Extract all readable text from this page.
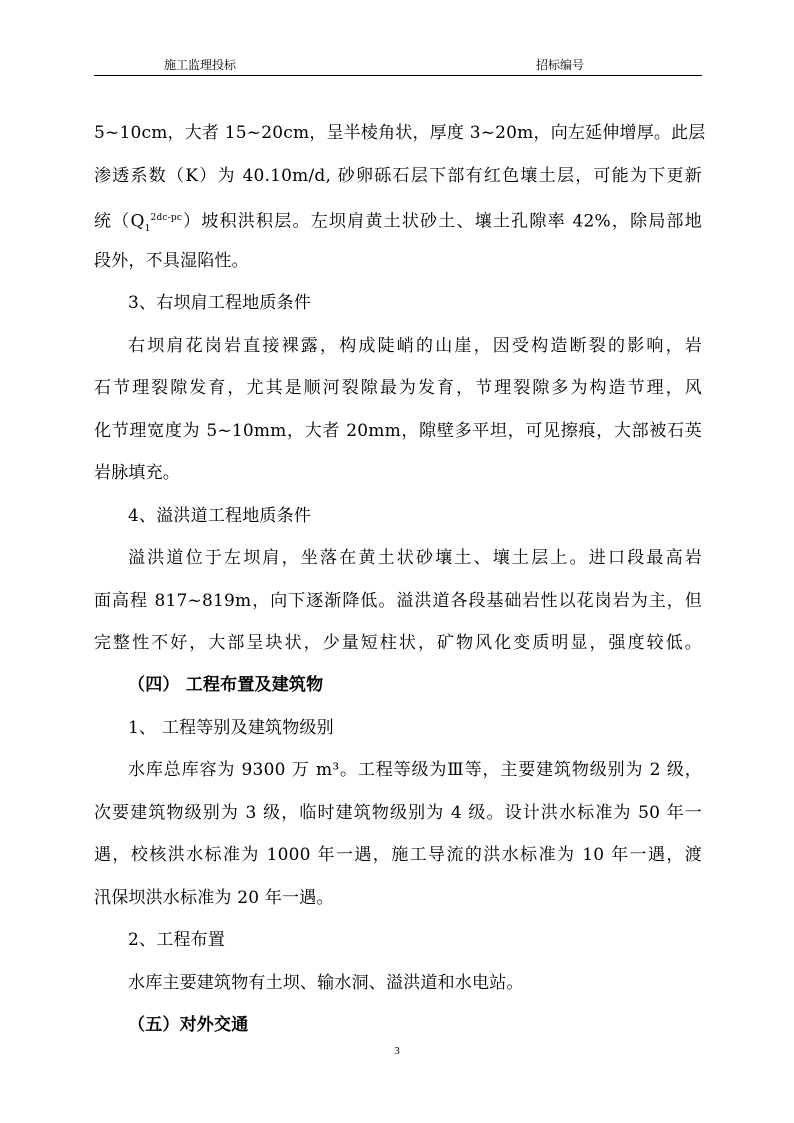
施工监理投标	招标编号
5~10cm，大者 15~20cm，呈半棱角状，厚度 3~20m，向左延伸增厚。此层
渗透系数（K）为 40.10m/d, 砂卵砾石层下部有红色壤土层，可能为下更新
统$(Q_1^{2dc-pc})$坡积洪积层。左坝肩黄土状砂土、壤土孔隙率 42%，除局部地
段外，不具湿陷性。
3、右坝肩工程地质条件
右坝肩花岗岩直接裸露，构成陡峭的山崖，因受构造断裂的影响，岩
石节理裂隙发育，尤其是顺河裂隙最为发育，节理裂隙多为构造节理，风
化节理宽度为 5~10mm，大者 20mm，隙壁多平坦，可见擦痕，大部被石英
岩脉填充。
4、溢洪道工程地质条件
溢洪道位于左坝肩，坐落在黄土状砂壤土、壤土层上。进口段最高岩
面高程 817~819m，向下逐渐降低。溢洪道各段基础岩性以花岗岩为主，但
完整性不好，大部呈块状，少量短柱状，矿物风化变质明显，强度较低。
（四） 工程布置及建筑物
1、 工程等别及建筑物级别
水库总库容为 9300 万 m³。工程等级为Ⅲ等，主要建筑物级别为 2 级，
次要建筑物级别为 3 级，临时建筑物级别为 4 级。设计洪水标准为 50 年一
遇，校核洪水标准为 1000 年一遇，施工导流的洪水标准为 10 年一遇，渡
汛保坝洪水标准为 20 年一遇。
2、工程布置
水库主要建筑物有土坝、输水洞、溢洪道和水电站。
（五）对外交通
3
